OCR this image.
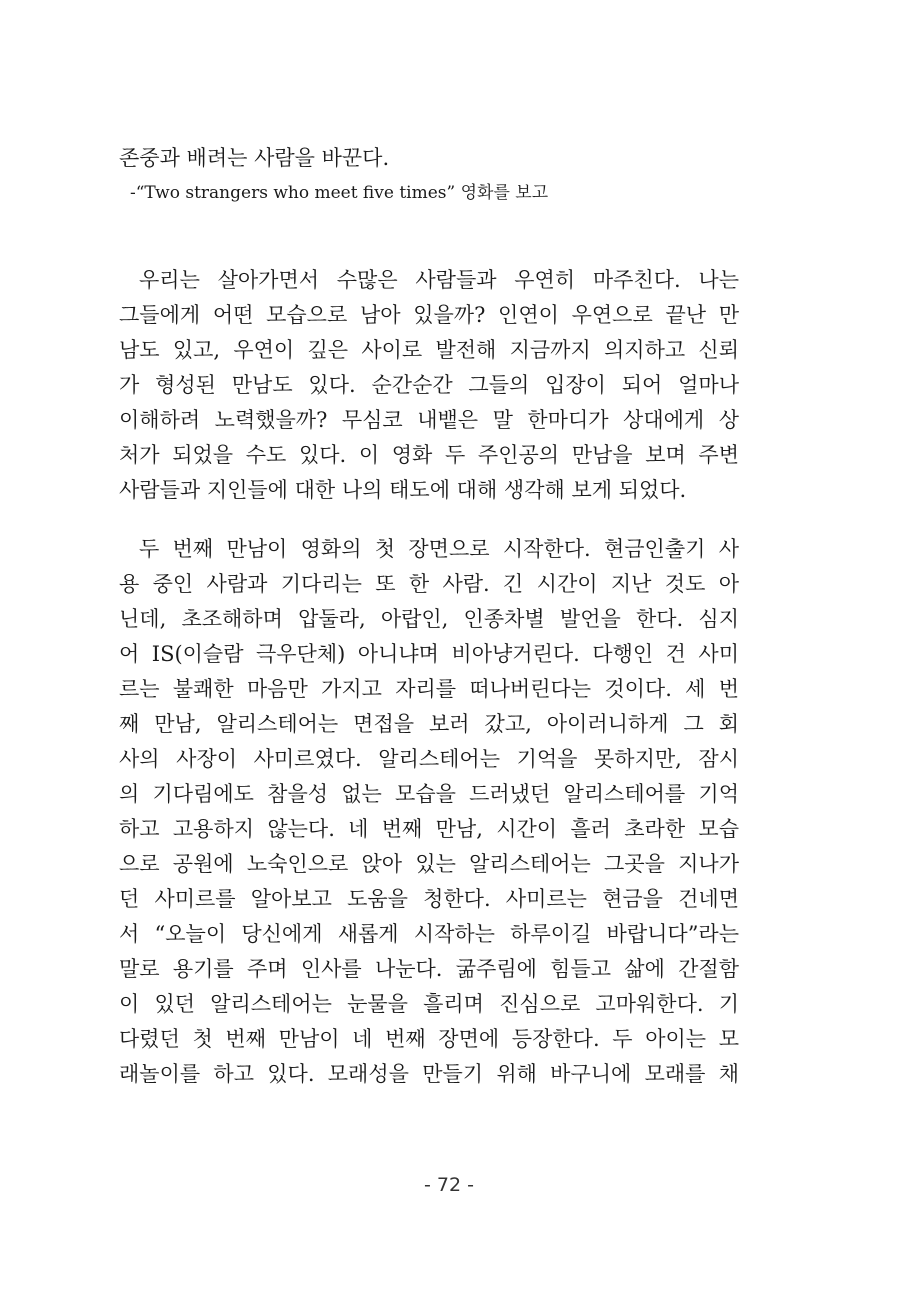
존중과 배려는 사람을 바꾼다.
-“Two strangers who meet five times” 영화를 보고
우리는 살아가면서 수많은 사람들과 우연히 마주친다. 나는
그들에게 어떤 모습으로 남아 있을까? 인연이 우연으로 끝난 만
남도 있고, 우연이 깊은 사이로 발전해 지금까지 의지하고 신뢰
가 형성된 만남도 있다. 순간순간 그들의 입장이 되어 얼마나
이해하려 노력했을까? 무심코 내뱉은 말 한마디가 상대에게 상
처가 되었을 수도 있다. 이 영화 두 주인공의 만남을 보며 주변
사람들과 지인들에 대한 나의 태도에 대해 생각해 보게 되었다.
두 번째 만남이 영화의 첫 장면으로 시작한다. 현금인출기 사
용 중인 사람과 기다리는 또 한 사람. 긴 시간이 지난 것도 아
닌데, 초조해하며 압둘라, 아랍인, 인종차별 발언을 한다. 심지
어 IS(이슬람 극우단체) 아니냐며 비아냥거린다. 다행인 건 사미
르는 불쾌한 마음만 가지고 자리를 떠나버린다는 것이다. 세 번
째 만남, 알리스테어는 면접을 보러 갔고, 아이러니하게 그 회
사의 사장이 사미르였다. 알리스테어는 기억을 못하지만, 잠시
의 기다림에도 참을성 없는 모습을 드러냈던 알리스테어를 기억
하고 고용하지 않는다. 네 번째 만남, 시간이 흘러 초라한 모습
으로 공원에 노숙인으로 앉아 있는 알리스테어는 그곳을 지나가
던 사미르를 알아보고 도움을 청한다. 사미르는 현금을 건네면
서 “오늘이 당신에게 새롭게 시작하는 하루이길 바랍니다”라는
말로 용기를 주며 인사를 나눈다. 굶주림에 힘들고 삶에 간절함
이 있던 알리스테어는 눈물을 흘리며 진심으로 고마워한다. 기
다렸던 첫 번째 만남이 네 번째 장면에 등장한다. 두 아이는 모
래놀이를 하고 있다. 모래성을 만들기 위해 바구니에 모래를 채
- 72 -
